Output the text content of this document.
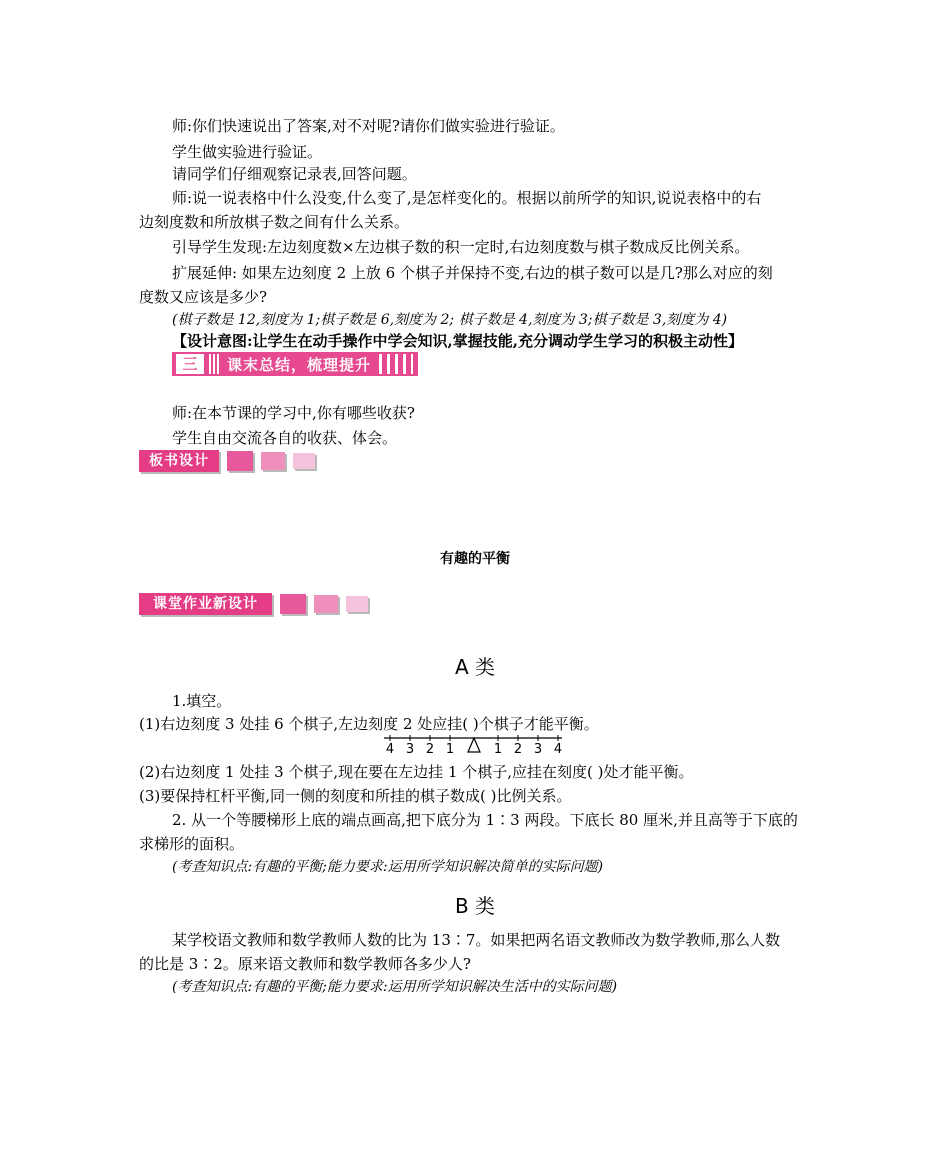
师:你们快速说出了答案,对不对呢?请你们做实验进行验证。
学生做实验进行验证。
请同学们仔细观察记录表,回答问题。
师:说一说表格中什么没变,什么变了,是怎样变化的。根据以前所学的知识,说说表格中的右
边刻度数和所放棋子数之间有什么关系。
引导学生发现:左边刻度数×左边棋子数的积一定时,右边刻度数与棋子数成反比例关系。
扩展延伸: 如果左边刻度 2 上放 6 个棋子并保持不变,右边的棋子数可以是几?那么对应的刻
度数又应该是多少?
(棋子数是 12,刻度为 1;棋子数是 6,刻度为 2; 棋子数是 4,刻度为 3;棋子数是 3,刻度为 4)
【设计意图:让学生在动手操作中学会知识,掌握技能,充分调动学生学习的积极主动性】
三	课末总结，梳理提升
师:在本节课的学习中,你有哪些收获?
学生自由交流各自的收获、体会。
板书设计
有趣的平衡
课堂作业新设计
A 类
1.填空。
(1)右边刻度 3 处挂 6 个棋子,左边刻度 2 处应挂( )个棋子才能平衡。
4 3 2 1	1 2 3 4
(2)右边刻度 1 处挂 3 个棋子,现在要在左边挂 1 个棋子,应挂在刻度( )处才能平衡。
(3)要保持杠杆平衡,同一侧的刻度和所挂的棋子数成( )比例关系。
2. 从一个等腰梯形上底的端点画高,把下底分为 1∶3 两段。下底长 80 厘米,并且高等于下底的
求梯形的面积。
(考查知识点:有趣的平衡;能力要求:运用所学知识解决简单的实际问题)
B 类
某学校语文教师和数学教师人数的比为 13∶7。如果把两名语文教师改为数学教师,那么人数
的比是 3∶2。原来语文教师和数学教师各多少人?
(考查知识点:有趣的平衡;能力要求:运用所学知识解决生活中的实际问题)
